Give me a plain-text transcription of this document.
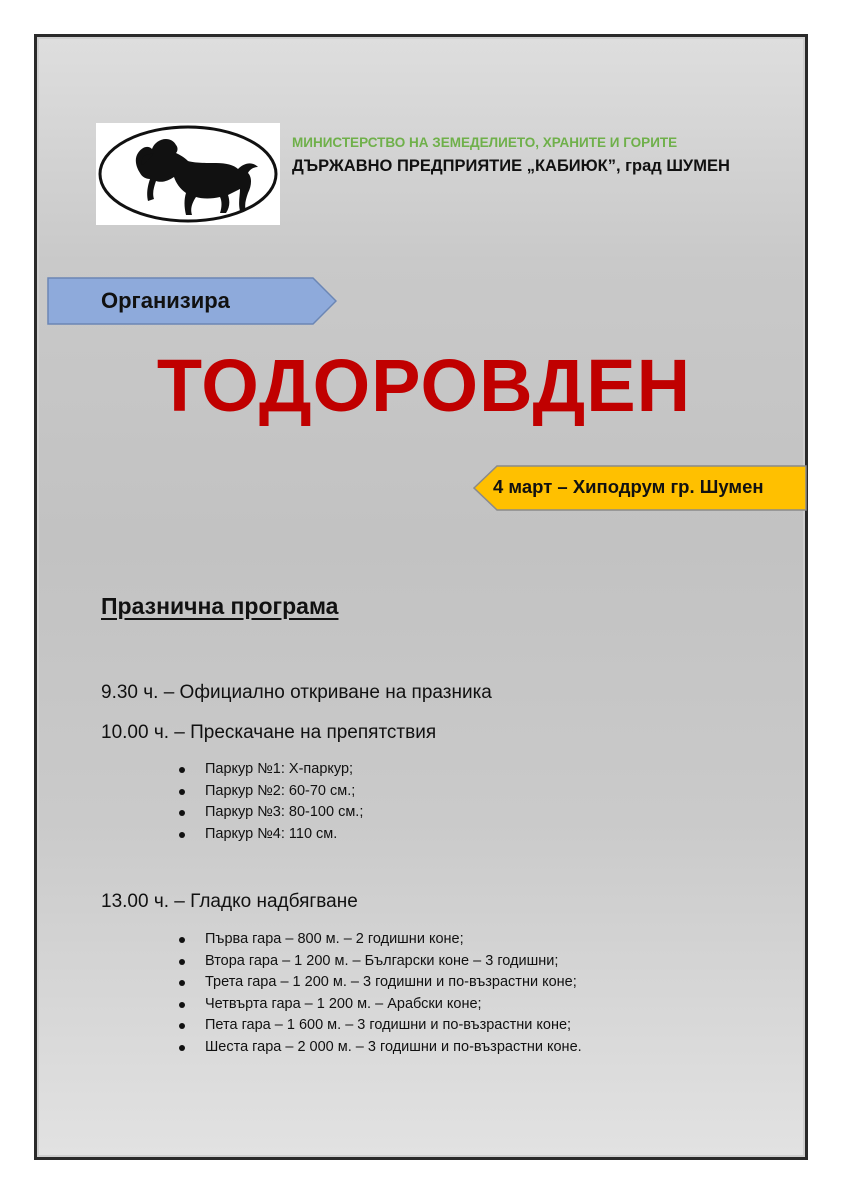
МИНИСТЕРСТВО НА ЗЕМЕДЕЛИЕТО, ХРАНИТЕ И ГОРИТЕ
ДЪРЖАВНО ПРЕДПРИЯТИЕ „КАБИЮК”, град ШУМЕН
Организира
ТОДОРОВДЕН
4 март – Хиподрум гр. Шумен
Празнична програма
9.30 ч. – Официално откриване на празника
10.00 ч. – Прескачане на препятствия
Паркур №1: Х-паркур;
Паркур №2: 60-70 см.;
Паркур №3: 80-100 см.;
Паркур №4: 110 см.
13.00 ч. – Гладко надбягване
Първа гара – 800 м. – 2 годишни коне;
Втора гара – 1 200 м. – Български коне – 3 годишни;
Трета гара – 1 200 м. – 3 годишни и по-възрастни коне;
Четвърта гара – 1 200 м. – Арабски коне;
Пета гара – 1 600 м. – 3 годишни и по-възрастни коне;
Шеста гара – 2 000 м. – 3 годишни и по-възрастни коне.
